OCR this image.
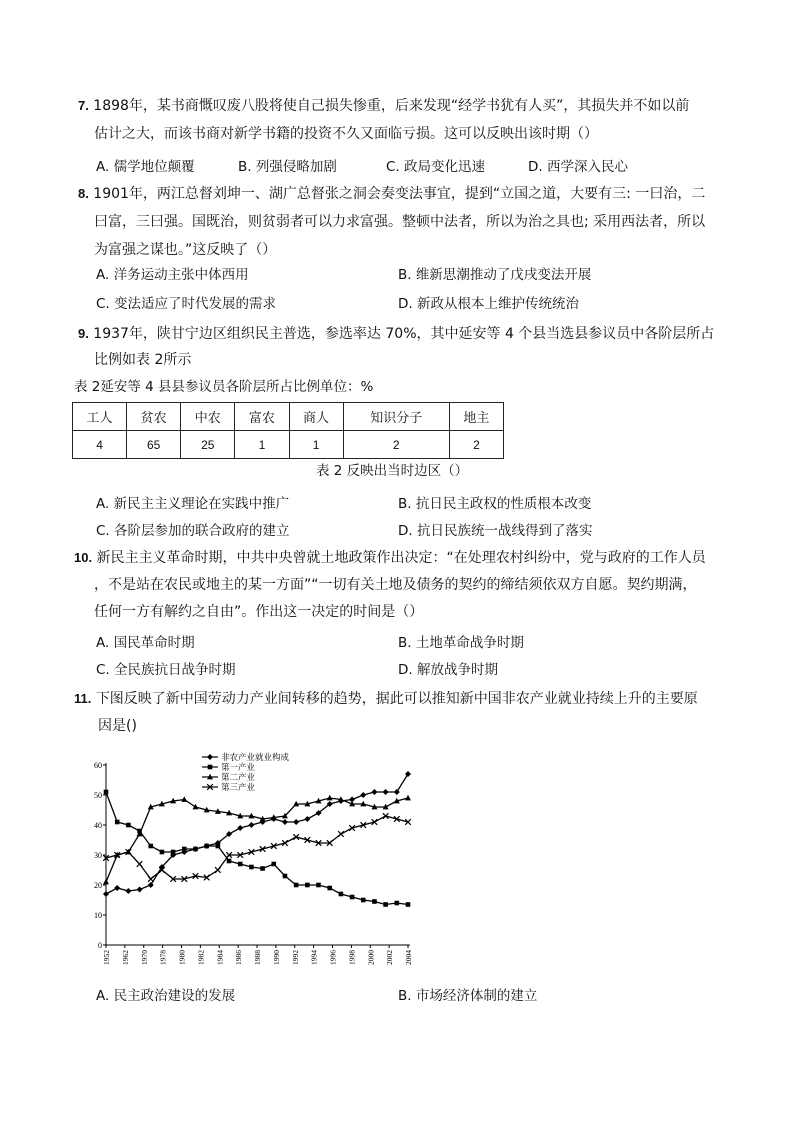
7. 1898年，某书商慨叹废八股将使自己损失惨重，后来发现“经学书犹有人买”，其损失并不如以前
估计之大，而该书商对新学书籍的投资不久又面临亏损。这可以反映出该时期（）
A. 儒学地位颠覆	B. 列强侵略加剧	C. 政局变化迅速	D. 西学深入民心
8. 1901年，两江总督刘坤一、湖广总督张之洞会奏变法事宜，提到“立国之道，大要有三: 一曰治，二
曰富，三曰强。国既治，则贫弱者可以力求富强。整顿中法者，所以为治之具也; 采用西法者，所以
为富强之谋也。”这反映了（）
A. 洋务运动主张中体西用	B. 维新思潮推动了戊戌变法开展
C. 变法适应了时代发展的需求	D. 新政从根本上维护传统统治
9. 1937年，陕甘宁边区组织民主普选，参选率达 70%，其中延安等 4 个县当选县参议员中各阶层所占
比例如表 2所示
表 2延安等 4 县县参议员各阶层所占比例单位：%
工人	贫农	中农	富农	商人	知识分子	地主
4	65	25	1	1	2	2
表 2 反映出当时边区（）
A. 新民主主义理论在实践中推广	B. 抗日民主政权的性质根本改变
C. 各阶层参加的联合政府的建立	D. 抗日民族统一战线得到了落实
10. 新民主主义革命时期，中共中央曾就土地政策作出决定：“在处理农村纠纷中，党与政府的工作人员
，不是站在农民或地主的某一方面”“一切有关土地及债务的契约的缔结须依双方自愿。契约期满，
任何一方有解约之自由”。作出这一决定的时间是（）
A. 国民革命时期	B. 土地革命战争时期
C. 全民族抗日战争时期	D. 解放战争时期
11. 下图反映了新中国劳动力产业间转移的趋势，据此可以推知新中国非农产业就业持续上升的主要原
因是()
0
10
20
30
40
50
60
1952 1962 1970 1978 1980 1982 1984 1986 1988 1990 1992 1994 1996 1998 2000 2002 2004
非农产业就业构成
第一产业
第二产业
第三产业
A. 民主政治建设的发展	B. 市场经济体制的建立
